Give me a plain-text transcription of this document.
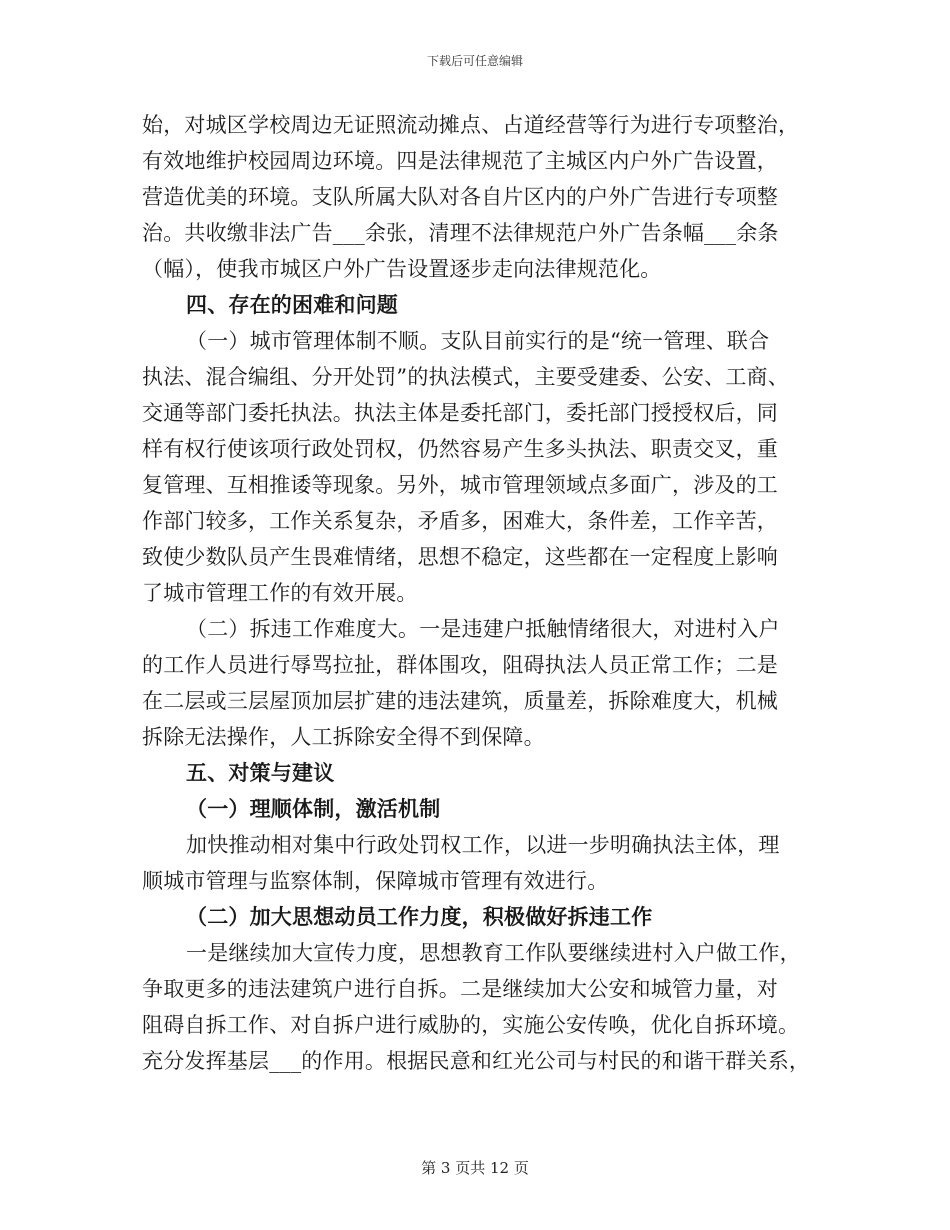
下载后可任意编辑
始，对城区学校周边无证照流动摊点、占道经营等行为进行专项整治，
有效地维护校园周边环境。四是法律规范了主城区内户外广告设置，
营造优美的环境。支队所属大队对各自片区内的户外广告进行专项整
治。共收缴非法广告___余张，清理不法律规范户外广告条幅___余条
（幅），使我市城区户外广告设置逐步走向法律规范化。
四、存在的困难和问题
（一）城市管理体制不顺。支队目前实行的是“统一管理、联合
执法、混合编组、分开处罚”的执法模式，主要受建委、公安、工商、
交通等部门委托执法。执法主体是委托部门，委托部门授授权后，同
样有权行使该项行政处罚权，仍然容易产生多头执法、职责交叉，重
复管理、互相推诿等现象。另外，城市管理领域点多面广，涉及的工
作部门较多，工作关系复杂，矛盾多，困难大，条件差，工作辛苦，
致使少数队员产生畏难情绪，思想不稳定，这些都在一定程度上影响
了城市管理工作的有效开展。
（二）拆违工作难度大。一是违建户抵触情绪很大，对进村入户
的工作人员进行辱骂拉扯，群体围攻，阻碍执法人员正常工作；二是
在二层或三层屋顶加层扩建的违法建筑，质量差，拆除难度大，机械
拆除无法操作，人工拆除安全得不到保障。
五、对策与建议
（一）理顺体制，激活机制
加快推动相对集中行政处罚权工作，以进一步明确执法主体，理
顺城市管理与监察体制，保障城市管理有效进行。
（二）加大思想动员工作力度，积极做好拆违工作
一是继续加大宣传力度，思想教育工作队要继续进村入户做工作，
争取更多的违法建筑户进行自拆。二是继续加大公安和城管力量，对
阻碍自拆工作、对自拆户进行威胁的，实施公安传唤，优化自拆环境。
充分发挥基层___的作用。根据民意和红光公司与村民的和谐干群关系，
第 3 页共 12 页
